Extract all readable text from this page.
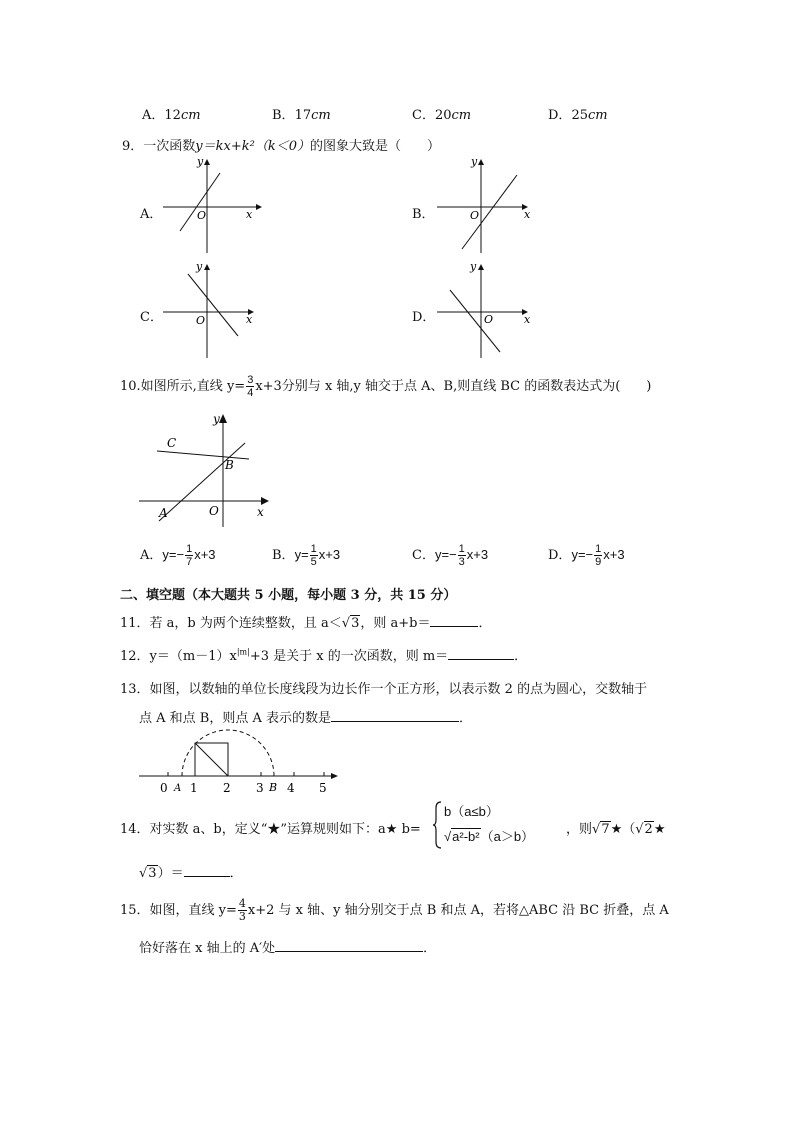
A．12cm	B．17cm	C．20cm	D．25cm
9．一次函数y＝kx+k²（k＜0）的图象大致是（　　）
A．
y
x
O	B．
y
x
O
C．
y
x
O	D．
y
x
O
10.如图所示,直线 $y= \frac{3}{4} x+3$分别与 x 轴,y 轴交于点 A、B,则直线 BC 的函数表达式为(　　)
y
x
O
A
B
C
A．$y=- \frac{1}{7} x+3$	B．$y= \frac{1}{5} x+3$	C．$y=- \frac{1}{3} x+3$	D．$y=- \frac{1}{9} x+3$
二、填空题（本大题共 5 小题，每小题 3 分，共 15 分）
11．若 a，b 为两个连续整数，且 a＜√3，则 a+b＝	．
12．$y=(m-1)x^{|m|}+3$ 是关于 x 的一次函数，则 m＝	．
13．如图，以数轴的单位长度线段为边长作一个正方形，以表示数 2 的点为圆心，交数轴于
点 A 和点 B，则点 A 表示的数是	．
0 A 1 2 3 B 4 5
14．对实数 a、b，定义“★”运算规则如下：a★ b=
b（a≤b）
√a²-b²（a＞b） ，则√7★（√2★
√3）＝	．
15．如图，直线 $y= \frac{4}{3} x+2$ 与 x 轴、y 轴分别交于点 B 和点 A，若将△ABC 沿 BC 折叠，点 A
恰好落在 x 轴上的 A′处	．
